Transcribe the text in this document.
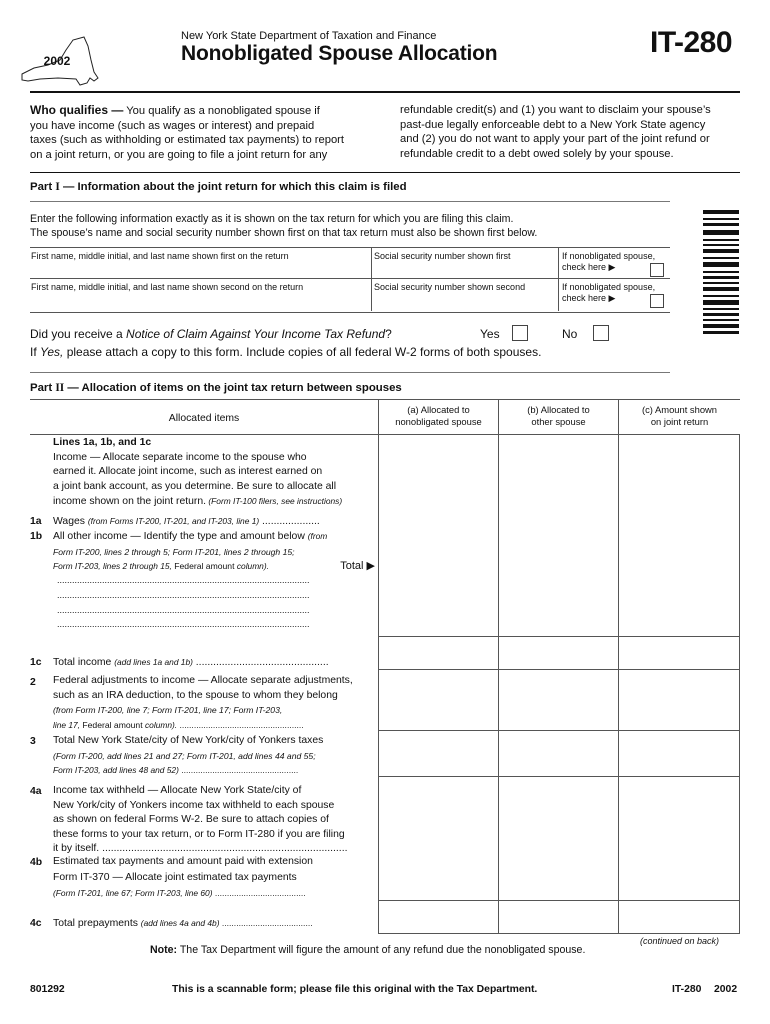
2002
New York State Department of Taxation and Finance
Nonobligated Spouse Allocation	IT-280
Who qualifies — You qualify as a nonobligated spouse if
you have income (such as wages or interest) and prepaid
taxes (such as withholding or estimated tax payments) to report
on a joint return, or you are going to file a joint return for any
refundable credit(s) and (1) you want to disclaim your spouse’s
past-due legally enforceable debt to a New York State agency
and (2) you do not want to apply your part of the joint refund or
refundable credit to a debt owed solely by your spouse.
Part I — Information about the joint return for which this claim is filed
Enter the following information exactly as it is shown on the tax return for which you are filing this claim.
The spouse’s name and social security number shown first on that tax return must also be shown first below.
First name, middle initial, and last name shown first on the return	Social security number shown first	If nonobligated spouse,
check here ▶
First name, middle initial, and last name shown second on the return	Social security number shown second	If nonobligated spouse,
check here ▶
Did you receive a Notice of Claim Against Your Income Tax Refund?	Yes	No
If Yes, please attach a copy to this form. Include copies of all federal W-2 forms of both spouses.
Part II — Allocation of items on the joint tax return between spouses
Allocated items
(a) Allocated to
nonobligated spouse
(b) Allocated to
other spouse
(c) Amount shown
on joint return
Lines 1a, 1b, and 1c
Income — Allocate separate income to the spouse who
earned it. Allocate joint income, such as interest earned on
a joint bank account, as you determine. Be sure to allocate all
income shown on the joint return. (Form IT-100 filers, see instructions)
1a Wages (from Forms IT-200, IT-201, and IT-203, line 1) ....................
1b All other income — Identify the type and amount below (from
Form IT-200, lines 2 through 5; Form IT-201, lines 2 through 15;
Form IT-203, lines 2 through 15, Federal amount column).	Total ▶
.....................................................................................................
.....................................................................................................
.....................................................................................................
.....................................................................................................
1c Total income (add lines 1a and 1b) ..............................................
2 Federal adjustments to income — Allocate separate adjustments,
such as an IRA deduction, to the spouse to whom they belong
(from Form IT-200, line 7; Form IT-201, line 17; Form IT-203,
line 17, Federal amount column). ....................................................
3 Total New York State/city of New York/city of Yonkers taxes
(Form IT-200, add lines 21 and 27; Form IT-201, add lines 44 and 55;
Form IT-203, add lines 48 and 52) .................................................
4a Income tax withheld — Allocate New York State/city of
New York/city of Yonkers income tax withheld to each spouse
as shown on federal Forms W-2. Be sure to attach copies of
these forms to your tax return, or to Form IT-280 if you are filing
it by itself. .....................................................................................
4b Estimated tax payments and amount paid with extension
Form IT-370 — Allocate joint estimated tax payments
(Form IT-201, line 67; Form IT-203, line 60) ......................................
4c Total prepayments (add lines 4a and 4b) ......................................
(continued on back)
Note: The Tax Department will figure the amount of any refund due the nonobligated spouse.
801292	This is a scannable form; please file this original with the Tax Department.	IT-280 2002
